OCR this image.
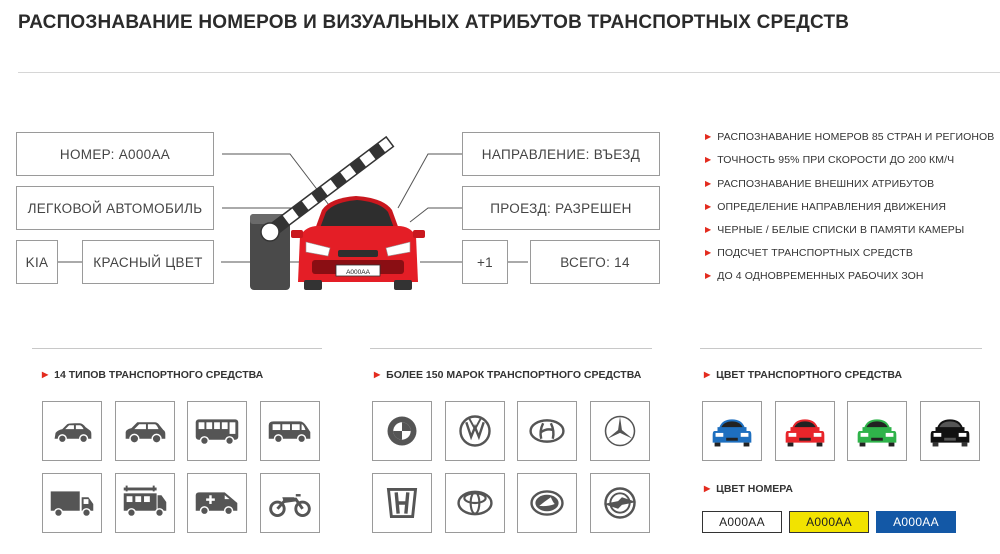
РАСПОЗНАВАНИЕ НОМЕРОВ И ВИЗУАЛЬНЫХ АТРИБУТОВ ТРАНСПОРТНЫХ СРЕДСТВ
А000АА
НОМЕР: А000АА
ЛЕГКОВОЙ АВТОМОБИЛЬ
KIA	КРАСНЫЙ ЦВЕТ
НАПРАВЛЕНИЕ: ВЪЕЗД
ПРОЕЗД: РАЗРЕШЕН
+1	ВСЕГО: 14
▶ РАСПОЗНАВАНИЕ НОМЕРОВ 85 СТРАН И РЕГИОНОВ
▶ ТОЧНОСТЬ 95% ПРИ СКОРОСТИ ДО 200 КМ/Ч
▶ РАСПОЗНАВАНИЕ ВНЕШНИХ АТРИБУТОВ
▶ ОПРЕДЕЛЕНИЕ НАПРАВЛЕНИЯ ДВИЖЕНИЯ
▶ ЧЕРНЫЕ / БЕЛЫЕ СПИСКИ В ПАМЯТИ КАМЕРЫ
▶ ПОДСЧЕТ ТРАНСПОРТНЫХ СРЕДСТВ
▶ ДО 4 ОДНОВРЕМЕННЫХ РАБОЧИХ ЗОН
▶ 14 ТИПОВ ТРАНСПОРТНОГО СРЕДСТВА	▶ БОЛЕЕ 150 МАРОК ТРАНСПОРТНОГО СРЕДСТВА	▶ ЦВЕТ ТРАНСПОРТНОГО СРЕДСТВА
▶ ЦВЕТ НОМЕРА
А000АА	А000АА	А000АА
